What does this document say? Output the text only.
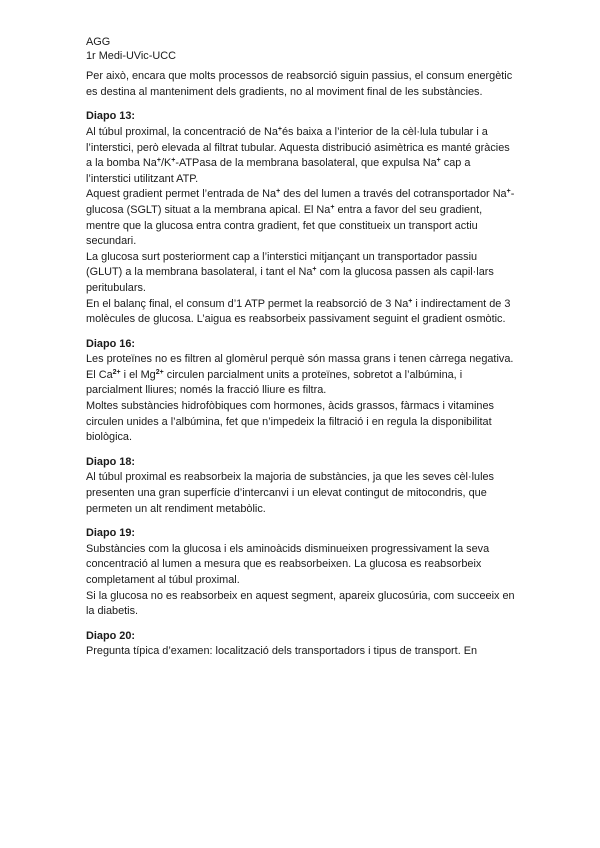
AGG
1r Medi-UVic-UCC

Per això, encara que molts processos de reabsorció siguin passius, el consum energètic es destina al manteniment dels gradients, no al moviment final de les substàncies.

Diapo 13:

Al túbul proximal, la concentració de Na+és baixa a l’interior de la cèl·lula tubular i a l’interstici, però elevada al filtrat tubular. Aquesta distribució asimètrica es manté gràcies a la bomba Na+/K+-ATPasa de la membrana basolateral, que expulsa Na+ cap a l’interstici utilitzant ATP.

Aquest gradient permet l’entrada de Na+ des del lumen a través del cotransportador Na+-glucosa (SGLT) situat a la membrana apical. El Na+ entra a favor del seu gradient, mentre que la glucosa entra contra gradient, fet que constitueix un transport actiu secundari.

La glucosa surt posteriorment cap a l’interstici mitjançant un transportador passiu (GLUT) a la membrana basolateral, i tant el Na+ com la glucosa passen als capil·lars peritubulars.

En el balanç final, el consum d’1 ATP permet la reabsorció de 3 Na+ i indirectament de 3 molècules de glucosa. L’aigua es reabsorbeix passivament seguint el gradient osmòtic.

Diapo 16:

Les proteïnes no es filtren al glomèrul perquè són massa grans i tenen càrrega negativa.

El $Ca^{2+}$ i el $Mg^{2+}$ circulen parcialment units a proteïnes, sobretot a l’albúmina, i parcialment lliures; només la fracció lliure es filtra.

Moltes substàncies hidrofòbiques com hormones, àcids grassos, fàrmacs i vitamines circulen unides a l’albúmina, fet que n’impedeix la filtració i en regula la disponibilitat biològica.

Diapo 18:

Al túbul proximal es reabsorbeix la majoria de substàncies, ja que les seves cèl·lules presenten una gran superfície d’intercanvi i un elevat contingut de mitocondris, que permeten un alt rendiment metabòlic.

Diapo 19:

Substàncies com la glucosa i els aminoàcids disminueixen progressivament la seva concentració al lumen a mesura que es reabsorbeixen. La glucosa es reabsorbeix completament al túbul proximal.

Si la glucosa no es reabsorbeix en aquest segment, apareix glucosúria, com succeeix en la diabetis.

Diapo 20:

Pregunta típica d’examen: localització dels transportadors i tipus de transport. En
